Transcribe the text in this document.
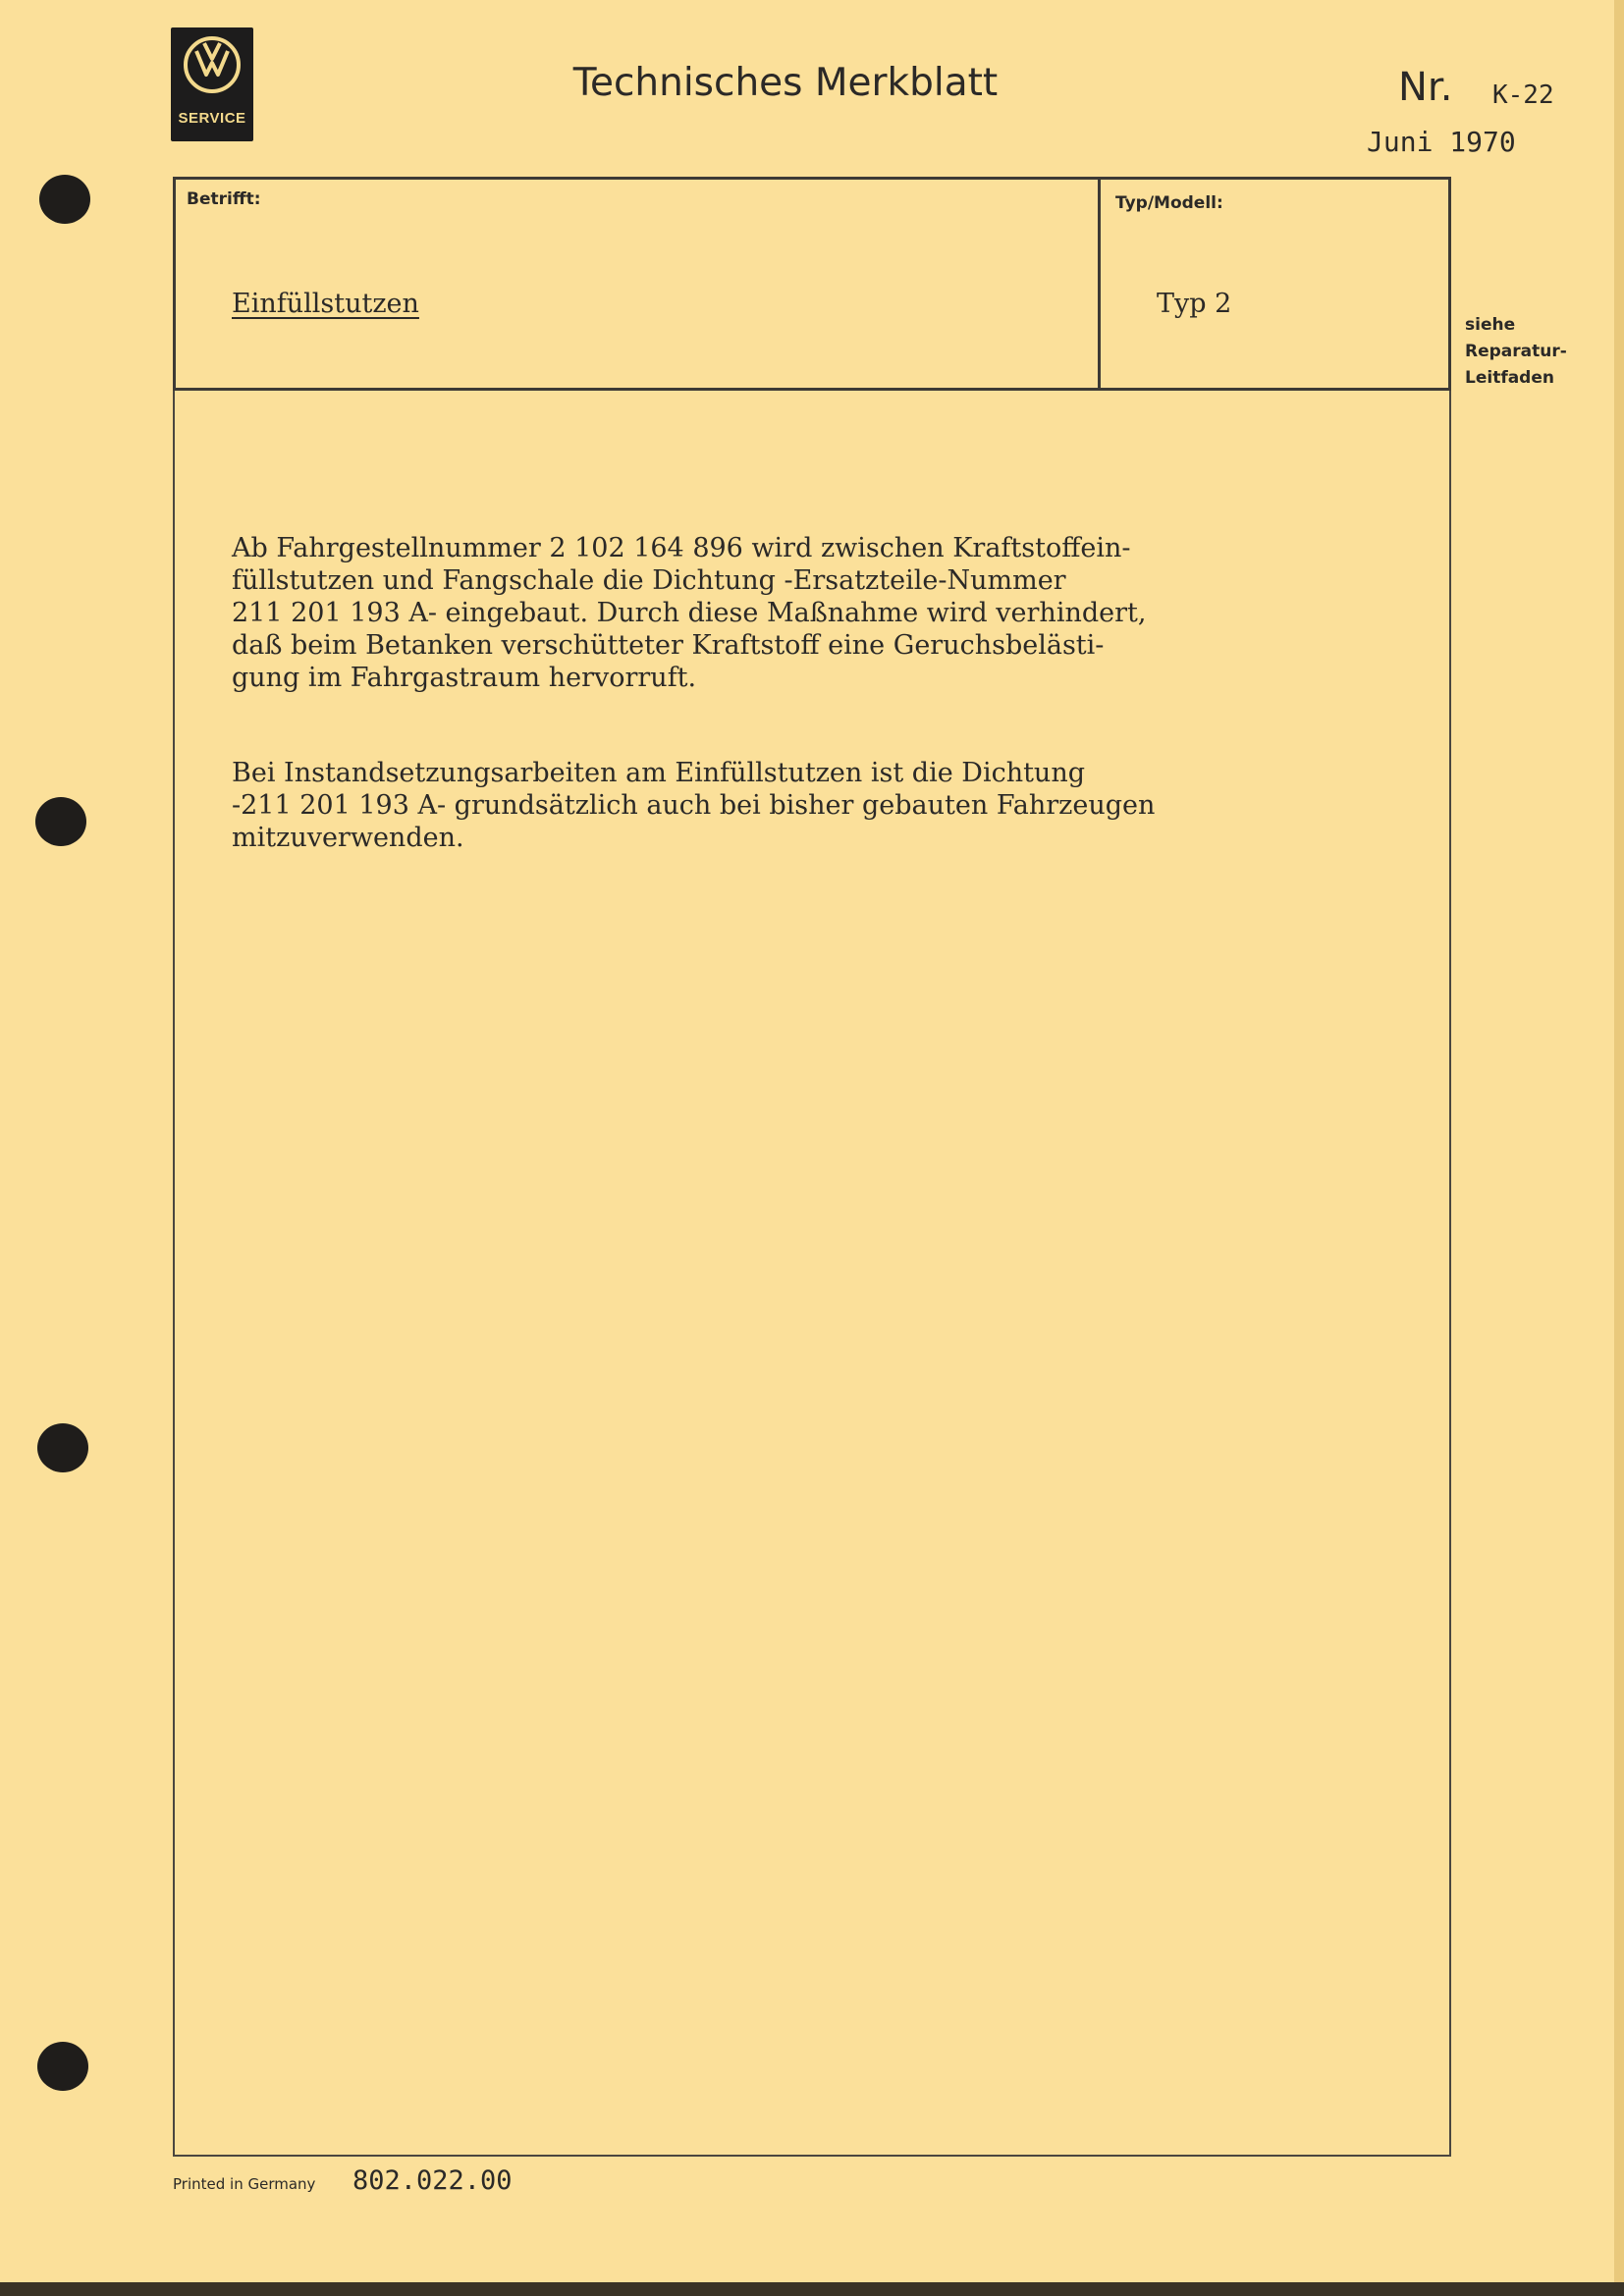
SERVICE
Technisches Merkblatt	Nr. K-22
Juni 1970
Betrifft:	Typ/Modell:
Einfüllstutzen	Typ 2
siehe
Reparatur-
Leitfaden
Ab Fahrgestellnummer 2 102 164 896 wird zwischen Kraftstoffein-
füllstutzen und Fangschale die Dichtung -Ersatzteile-Nummer
211 201 193 A- eingebaut. Durch diese Maßnahme wird verhindert,
daß beim Betanken verschütteter Kraftstoff eine Geruchsbelästi-
gung im Fahrgastraum hervorruft.
Bei Instandsetzungsarbeiten am Einfüllstutzen ist die Dichtung
-211 201 193 A- grundsätzlich auch bei bisher gebauten Fahrzeugen
mitzuverwenden.
Printed in Germany 802.022.00
